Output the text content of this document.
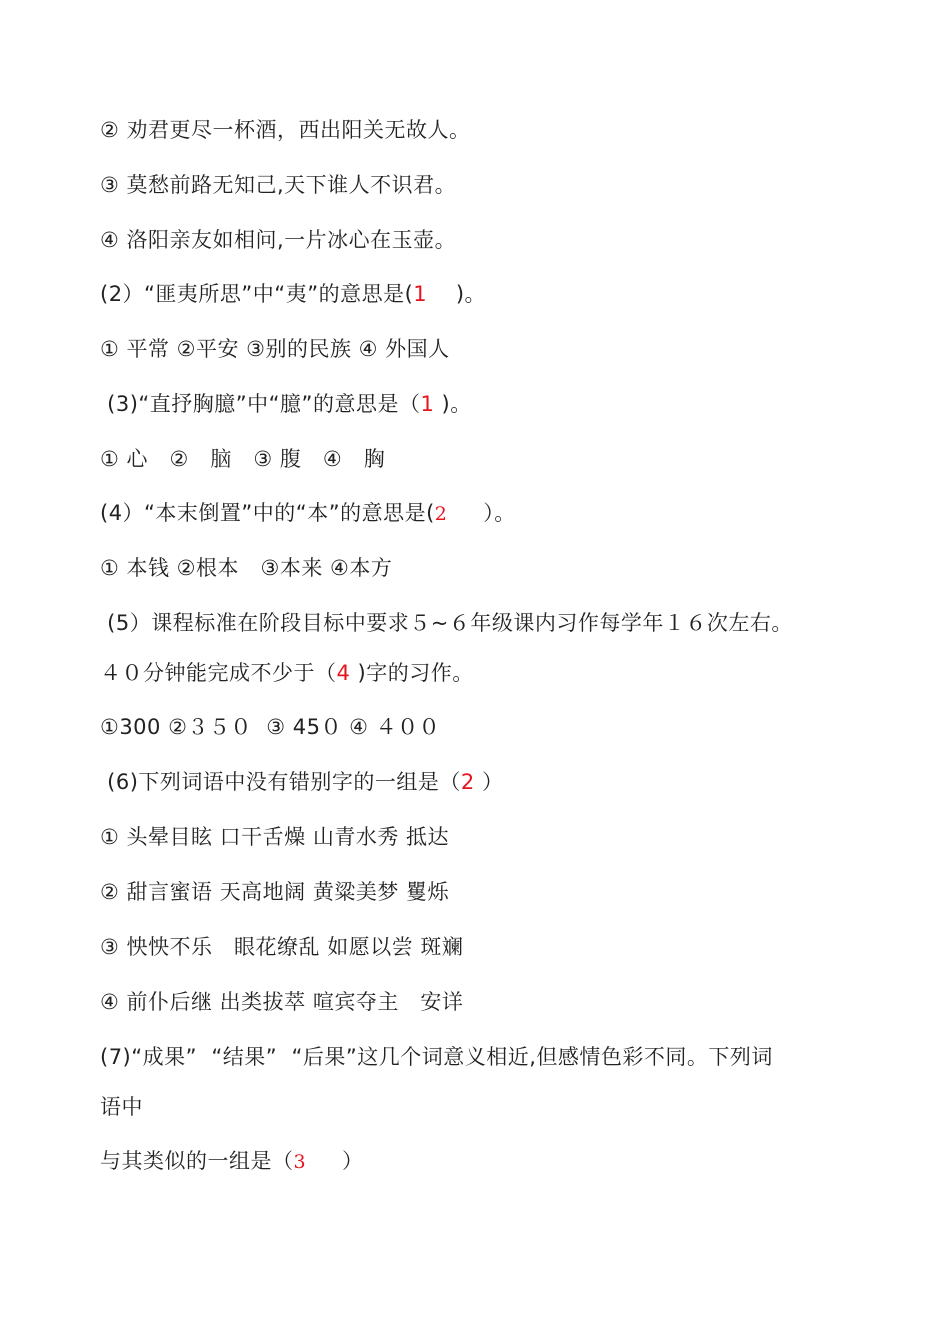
② 劝君更尽一杯酒，西出阳关无故人。
③ 莫愁前路无知己,天下谁人不识君。
④ 洛阳亲友如相问,一片冰心在玉壶。
(2）“匪夷所思”中“夷”的意思是(1    )。
① 平常 ②平安 ③别的民族 ④ 外国人
(3)“直抒胸臆”中“臆”的意思是（1 )。
① 心   ②   脑   ③ 腹   ④   胸
(4）“本末倒置”中的“本”的意思是(2     ）。
① 本钱 ②根本   ③本来 ④本方
(5）课程标准在阶段目标中要求５~６年级课内习作每学年１６次左右。
４０分钟能完成不少于（4 )字的习作。
①300 ②３５０  ③ 45０ ④ ４００
(6)下列词语中没有错别字的一组是（2 ）
① 头晕目眩 口干舌燥 山青水秀 抵达
② 甜言蜜语 天高地阔 黄粱美梦 矍烁
③ 怏怏不乐   眼花缭乱 如愿以尝 斑斓
④ 前仆后继 出类拔萃 喧宾夺主   安详
(7)“成果”  “结果”  “后果”这几个词意义相近,但感情色彩不同。下列词
语中
与其类似的一组是（3     ）
